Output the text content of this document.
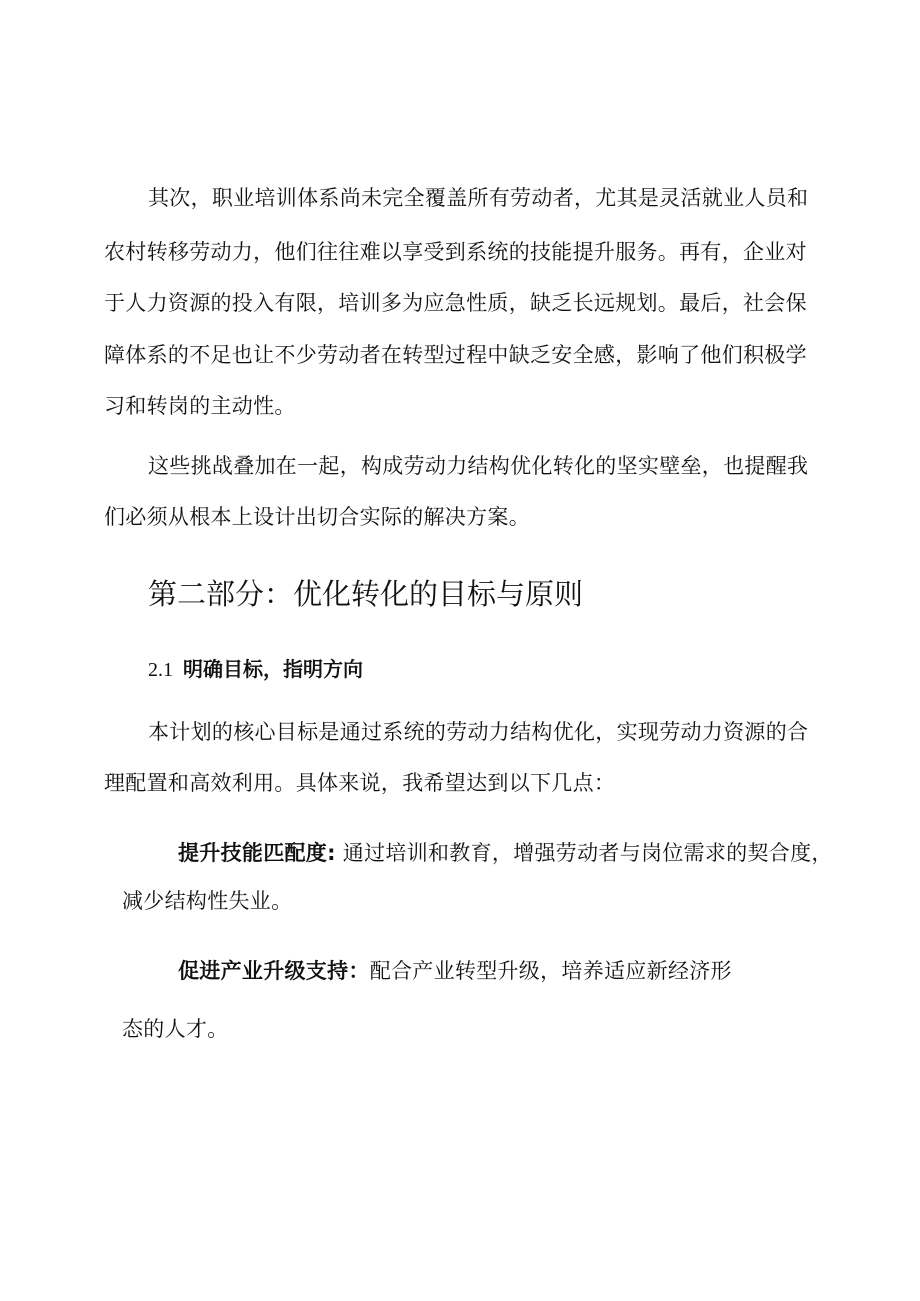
其次，职业培训体系尚未完全覆盖所有劳动者，尤其是灵活就业人员和
农村转移劳动力，他们往往难以享受到系统的技能提升服务。再有，企业对
于人力资源的投入有限，培训多为应急性质，缺乏长远规划。最后，社会保
障体系的不足也让不少劳动者在转型过程中缺乏安全感，影响了他们积极学
习和转岗的主动性。
这些挑战叠加在一起，构成劳动力结构优化转化的坚实壁垒，也提醒我
们必须从根本上设计出切合实际的解决方案。
第二部分：优化转化的目标与原则
2.1 明确目标，指明方向
本计划的核心目标是通过系统的劳动力结构优化，实现劳动力资源的合
理配置和高效利用。具体来说，我希望达到以下几点：
提升技能匹配度: 通过培训和教育，增强劳动者与岗位需求的契合度，
减少结构性失业。
促进产业升级支持：配合产业转型升级，培养适应新经济形
态的人才。
